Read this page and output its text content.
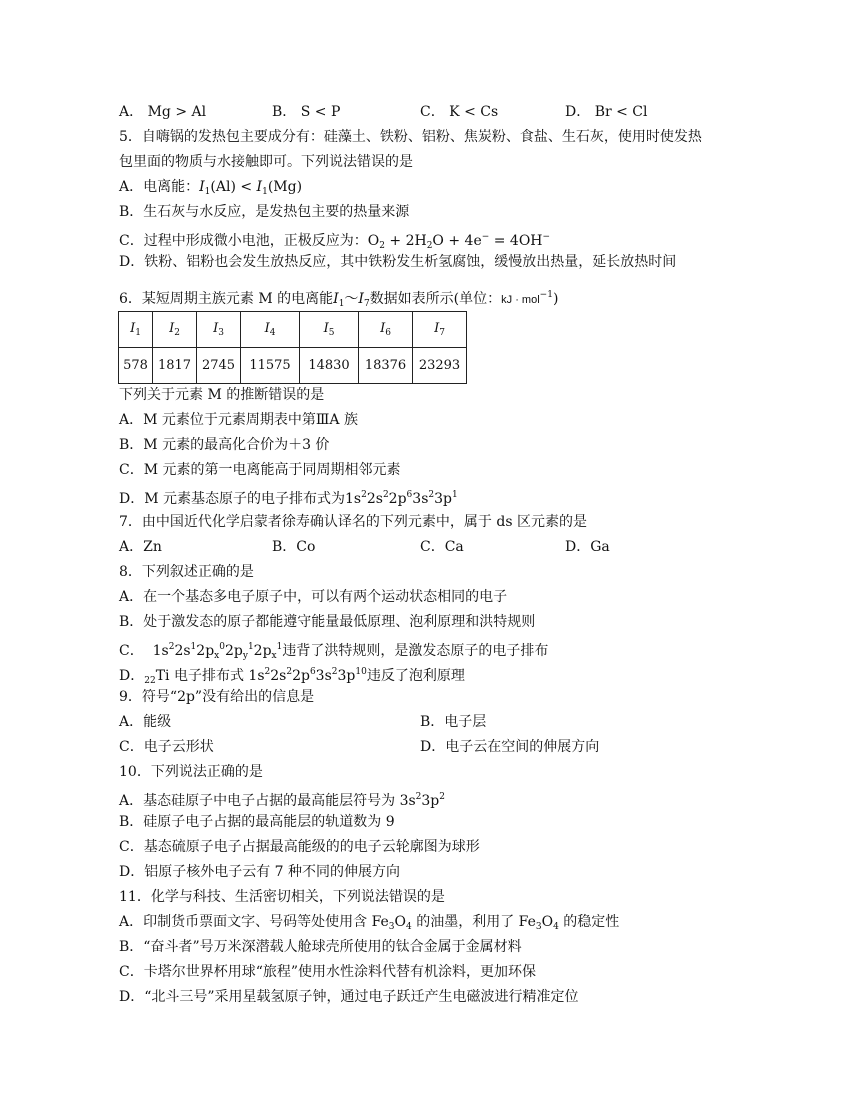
A． Mg > Al	B． S < P	C． K < Cs	D． Br < Cl
5．自嗨锅的发热包主要成分有：硅藻土、铁粉、铝粉、焦炭粉、食盐、生石灰，使用时使发热
包里面的物质与水接触即可。下列说法错误的是
A．电离能：$I_1(Al) < I_1(Mg)$
B．生石灰与水反应，是发热包主要的热量来源
C．过程中形成微小电池，正极反应为：$O_2 + 2H_2O + 4e^- = 4OH^-$
D．铁粉、铝粉也会发生放热反应，其中铁粉发生析氢腐蚀，缓慢放出热量，延长放热时间
6．某短周期主族元素 M 的电离能$I_1\sim I_7$数据如表所示(单位：kJ · mol$^{-1}$)
$I_1$	$I_2$	$I_3$	$I_4$	$I_5$	$I_6$	$I_7$
578	1817	2745	11575	14830	18376	23293
下列关于元素 M 的推断错误的是
A．M 元素位于元素周期表中第ⅢA 族
B．M 元素的最高化合价为＋3 价
C．M 元素的第一电离能高于同周期相邻元素
D．M 元素基态原子的电子排布式为$1s^22s^22p^63s^23p^1$
7．由中国近代化学启蒙者徐寿确认译名的下列元素中，属于 ds 区元素的是
A．Zn	B．Co	C．Ca	D．Ga
8．下列叙述正确的是
A．在一个基态多电子原子中，可以有两个运动状态相同的电子
B．处于激发态的原子都能遵守能量最低原理、泡利原理和洪特规则
C． $1s^22s^12p_x^02p_y^12p_x^1$违背了洪特规则，是激发态原子的电子排布
D．$_{22}$Ti 电子排布式 $1s^22s^22p^63s^23p^{10}$违反了泡利原理
9．符号“2p”没有给出的信息是
A．能级	B．电子层
C．电子云形状	D．电子云在空间的伸展方向
10．下列说法正确的是
A．基态硅原子中电子占据的最高能层符号为 $3s^23p^2$
B．硅原子电子占据的最高能层的轨道数为 9
C．基态硫原子电子占据最高能级的的电子云轮廓图为球形
D．铝原子核外电子云有 7 种不同的伸展方向
11．化学与科技、生活密切相关，下列说法错误的是
A．印制货币票面文字、号码等处使用含 $Fe_3O_4$ 的油墨，利用了 $Fe_3O_4$ 的稳定性
B．“奋斗者”号万米深潜载人舱球壳所使用的钛合金属于金属材料
C．卡塔尔世界杯用球“旅程”使用水性涂料代替有机涂料，更加环保
D．“北斗三号”采用星载氢原子钟，通过电子跃迁产生电磁波进行精准定位
